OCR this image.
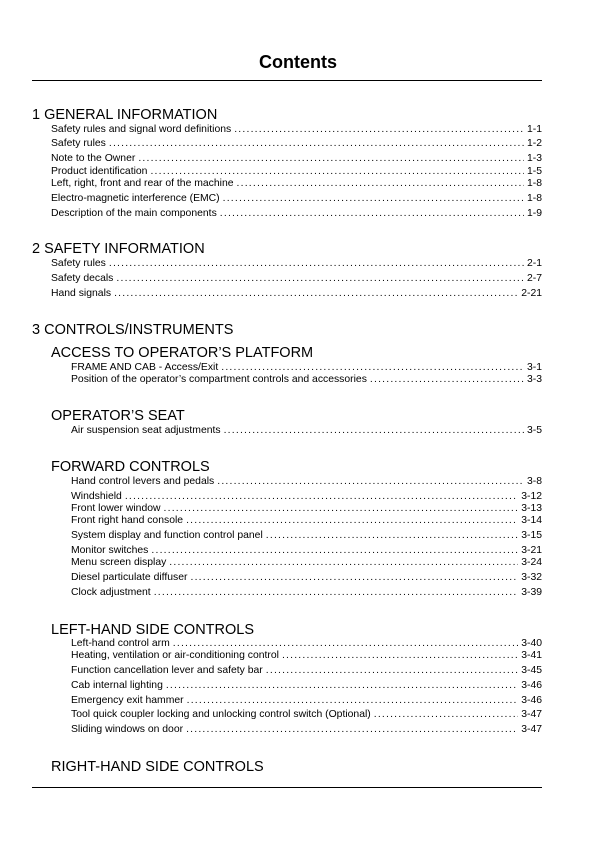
Contents
1 GENERAL INFORMATION
Safety rules and signal word definitions .....	1-1
Safety rules .....	1-2
Note to the Owner .....	1-3
Product identification .....	1-5
Left, right, front and rear of the machine .....	1-8
Electro-magnetic interference (EMC) .....	1-8
Description of the main components .....	1-9
2 SAFETY INFORMATION
Safety rules .....	2-1
Safety decals .....	2-7
Hand signals .....	2-21
3 CONTROLS/INSTRUMENTS
ACCESS TO OPERATOR’S PLATFORM
FRAME AND CAB - Access/Exit .....	3-1
Position of the operator’s compartment controls and accessories .....	3-3
OPERATOR’S SEAT
Air suspension seat adjustments .....	3-5
FORWARD CONTROLS
Hand control levers and pedals .....	3-8
Windshield .....	3-12
Front lower window .....	3-13
Front right hand console .....	3-14
System display and function control panel .....	3-15
Monitor switches .....	3-21
Menu screen display .....	3-24
Diesel particulate diffuser .....	3-32
Clock adjustment .....	3-39
LEFT-HAND SIDE CONTROLS
Left-hand control arm .....	3-40
Heating, ventilation or air-conditioning control .....	3-41
Function cancellation lever and safety bar .....	3-45
Cab internal lighting .....	3-46
Emergency exit hammer .....	3-46
Tool quick coupler locking and unlocking control switch (Optional) .....	3-47
Sliding windows on door .....	3-47
RIGHT-HAND SIDE CONTROLS
